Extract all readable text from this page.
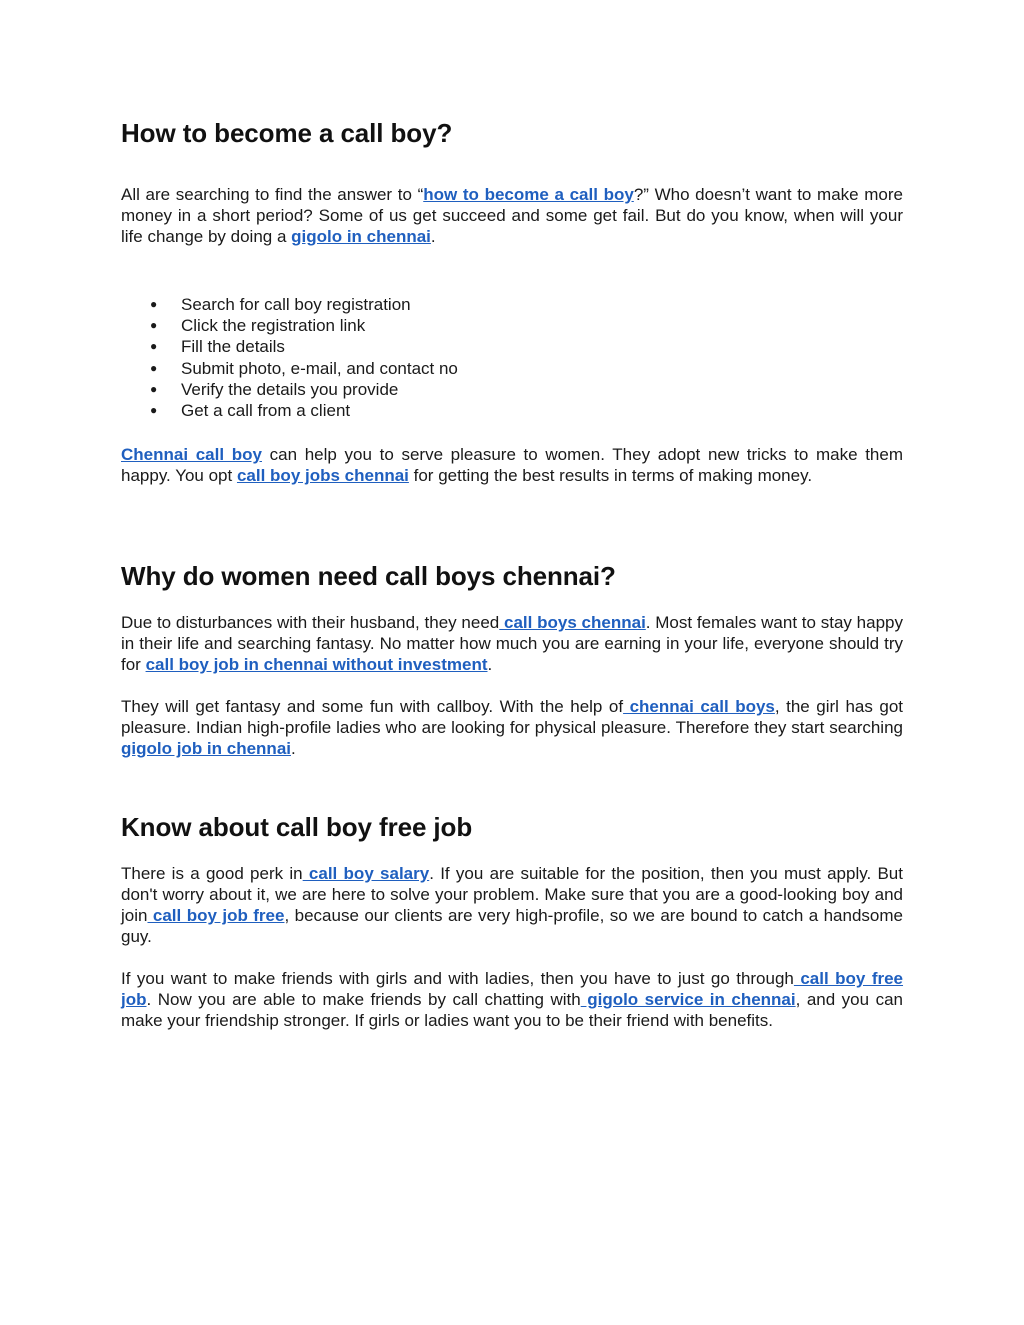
How to become a call boy?

All are searching to find the answer to “how to become a call boy?” Who doesn’t want to make more money in a short period? Some of us get succeed and some get fail. But do you know, when will your life change by doing a gigolo in chennai.

● Search for call boy registration
● Click the registration link
● Fill the details
● Submit photo, e-mail, and contact no
● Verify the details you provide
● Get a call from a client

Chennai call boy can help you to serve pleasure to women. They adopt new tricks to make them happy. You opt call boy jobs chennai for getting the best results in terms of making money.

Why do women need call boys chennai?

Due to disturbances with their husband, they need call boys chennai. Most females want to stay happy in their life and searching fantasy. No matter how much you are earning in your life, everyone should try for call boy job in chennai without investment.

They will get fantasy and some fun with callboy. With the help of chennai call boys, the girl has got pleasure. Indian high-profile ladies who are looking for physical pleasure. Therefore they start searching gigolo job in chennai.

Know about call boy free job

There is a good perk in call boy salary. If you are suitable for the position, then you must apply. But don't worry about it, we are here to solve your problem. Make sure that you are a good-looking boy and join call boy job free, because our clients are very high-profile, so we are bound to catch a handsome guy.

If you want to make friends with girls and with ladies, then you have to just go through call boy free job. Now you are able to make friends by call chatting with gigolo service in chennai, and you can make your friendship stronger. If girls or ladies want you to be their friend with benefits.
